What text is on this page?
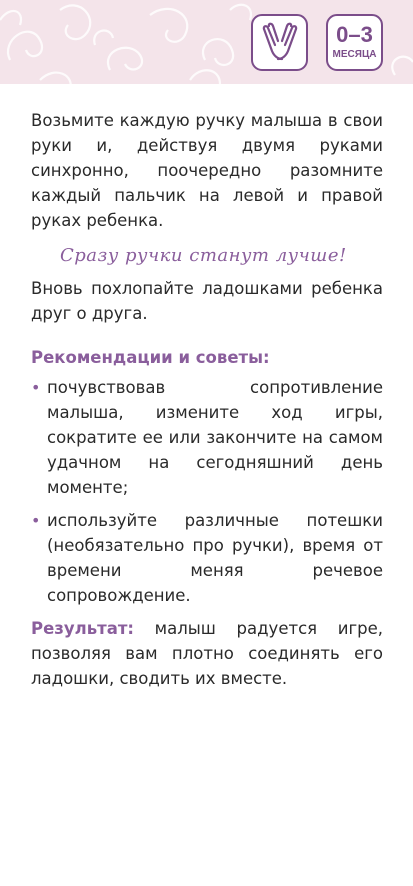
0–3
МЕСЯЦА

Возьмите каждую ручку малыша в свои руки и, действуя двумя руками синхронно, поочередно разомните каждый пальчик на левой и правой руках ребенка.

Сразу ручки станут лучше!

Вновь похлопайте ладошками ребенка друг о друга.

Рекомендации и советы:
• почувствовав сопротивление малыша, измените ход игры, сократите ее или закончите на самом удачном на сегодняшний день моменте;
• используйте различные потешки (необязательно про ручки), время от времени меняя речевое сопровождение.

Результат: малыш радуется игре, позволяя вам плотно соединять его ладошки, сводить их вместе.
